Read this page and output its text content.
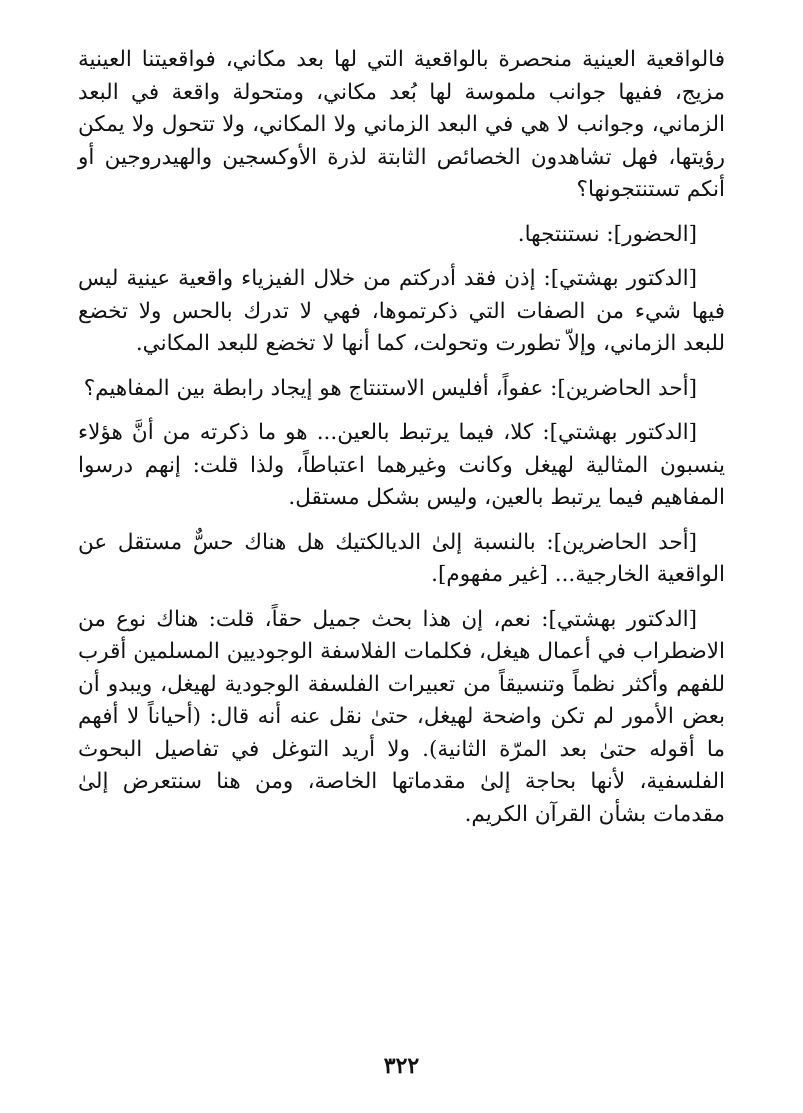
فالواقعية العينية منحصرة بالواقعية التي لها بعد مكاني، فواقعيتنا العينية مزيج، ففيها جوانب ملموسة لها بُعد مكاني، ومتحولة واقعة في البعد الزماني، وجوانب لا هي في البعد الزماني ولا المكاني، ولا تتحول ولا يمكن رؤيتها، فهل تشاهدون الخصائص الثابتة لذرة الأوكسجين والهيدروجين أو أنكم تستنتجونها؟

[الحضور]: نستنتجها.

[الدكتور بهشتي]: إذن فقد أدركتم من خلال الفيزياء واقعية عينية ليس فيها شيء من الصفات التي ذكرتموها، فهي لا تدرك بالحس ولا تخضع للبعد الزماني، وإلاّ تطورت وتحولت، كما أنها لا تخضع للبعد المكاني.

[أحد الحاضرين]: عفواً، أفليس الاستنتاج هو إيجاد رابطة بين المفاهيم؟

[الدكتور بهشتي]: كلا، فيما يرتبط بالعين... هو ما ذكرته من أنَّ هؤلاء ينسبون المثالية لهيغل وكانت وغيرهما اعتباطاً، ولذا قلت: إنهم درسوا المفاهيم فيما يرتبط بالعين، وليس بشكل مستقل.

[أحد الحاضرين]: بالنسبة إلىٰ الديالكتيك هل هناك حسٌّ مستقل عن الواقعية الخارجية... [غير مفهوم].

[الدكتور بهشتي]: نعم، إن هذا بحث جميل حقاً، قلت: هناك نوع من الاضطراب في أعمال هيغل، فكلمات الفلاسفة الوجوديين المسلمين أقرب للفهم وأكثر نظماً وتنسيقاً من تعبيرات الفلسفة الوجودية لهيغل، ويبدو أن بعض الأمور لم تكن واضحة لهيغل، حتىٰ نقل عنه أنه قال: (أحياناً لا أفهم ما أقوله حتىٰ بعد المرّة الثانية). ولا أريد التوغل في تفاصيل البحوث الفلسفية، لأنها بحاجة إلىٰ مقدماتها الخاصة، ومن هنا سنتعرض إلىٰ مقدمات بشأن القرآن الكريم.

٣٢٢
